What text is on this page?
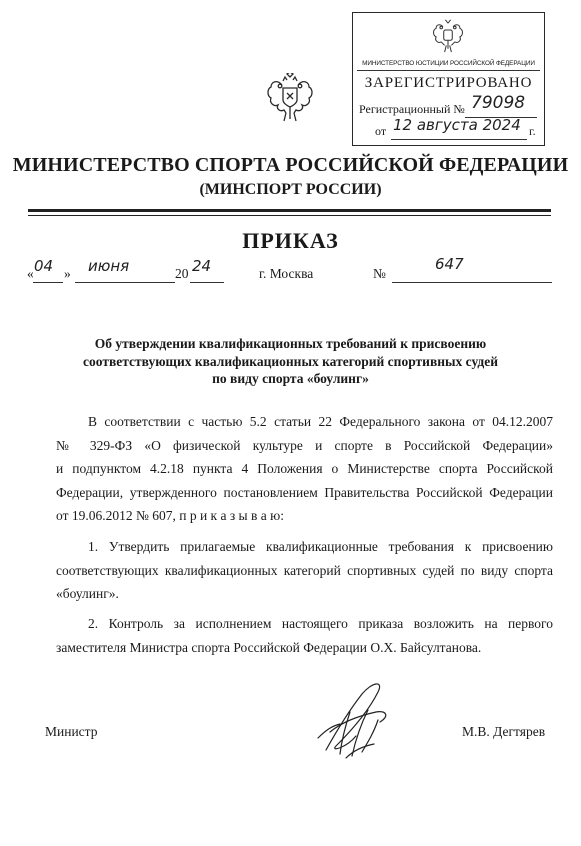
МИНИСТЕРСТВО ЮСТИЦИИ РОССИЙСКОЙ ФЕДЕРАЦИИ
ЗАРЕГИСТРИРОВАНО
Регистрационный № 79098
от 12 августа 2024 г.
МИНИСТЕРСТВО СПОРТА РОССИЙСКОЙ ФЕДЕРАЦИИ
(МИНСПОРТ РОССИИ)
ПРИКАЗ
« 04 » июня	20 24	г. Москва	№
647
Об утверждении квалификационных требований к присвоению
соответствующих квалификационных категорий спортивных судей
по виду спорта «боулинг»
В соответствии с частью 5.2 статьи 22 Федерального закона от 04.12.2007
№ 329-ФЗ «О физической культуре и спорте в Российской Федерации»
и подпунктом 4.2.18 пункта 4 Положения о Министерстве спорта Российской
Федерации, утвержденного постановлением Правительства Российской Федерации
от 19.06.2012 № 607, п р и к а з ы в а ю:
1. Утвердить прилагаемые квалификационные требования к присвоению
соответствующих квалификационных категорий спортивных судей по виду спорта
«боулинг».
2. Контроль за исполнением настоящего приказа возложить на первого
заместителя Министра спорта Российской Федерации О.Х. Байсултанова.
Министр	М.В. Дегтярев
